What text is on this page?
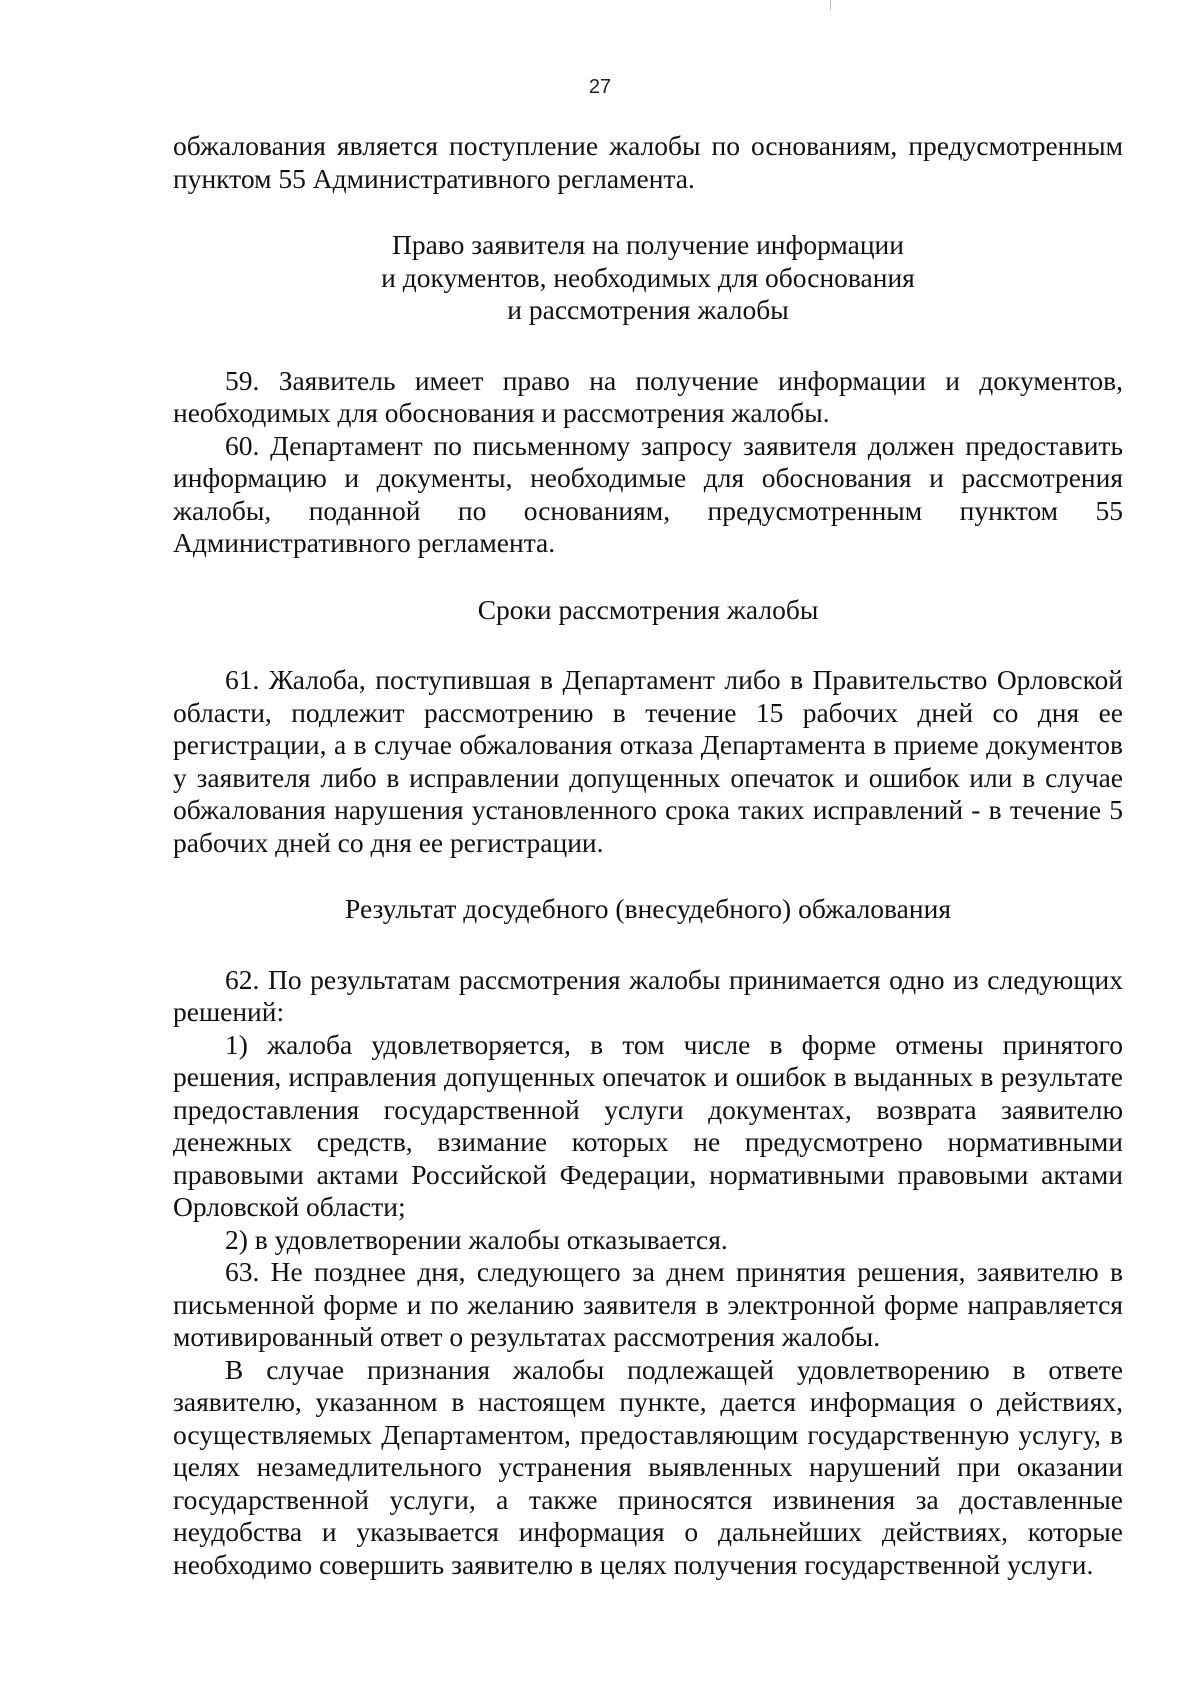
27

обжалования является поступление жалобы по основаниям, предусмотренным пунктом 55 Административного регламента.

Право заявителя на получение информации
и документов, необходимых для обоснования
и рассмотрения жалобы

59. Заявитель имеет право на получение информации и документов, необходимых для обоснования и рассмотрения жалобы.

60. Департамент по письменному запросу заявителя должен предоставить информацию и документы, необходимые для обоснования и рассмотрения жалобы, поданной по основаниям, предусмотренным пунктом 55 Административного регламента.

Сроки рассмотрения жалобы

61. Жалоба, поступившая в Департамент либо в Правительство Орловской области, подлежит рассмотрению в течение 15 рабочих дней со дня ее регистрации, а в случае обжалования отказа Департамента в приеме документов у заявителя либо в исправлении допущенных опечаток и ошибок или в случае обжалования нарушения установленного срока таких исправлений - в течение 5 рабочих дней со дня ее регистрации.

Результат досудебного (внесудебного) обжалования

62. По результатам рассмотрения жалобы принимается одно из следующих решений:

1) жалоба удовлетворяется, в том числе в форме отмены принятого решения, исправления допущенных опечаток и ошибок в выданных в результате предоставления государственной услуги документах, возврата заявителю денежных средств, взимание которых не предусмотрено нормативными правовыми актами Российской Федерации, нормативными правовыми актами Орловской области;

2) в удовлетворении жалобы отказывается.

63. Не позднее дня, следующего за днем принятия решения, заявителю в письменной форме и по желанию заявителя в электронной форме направляется мотивированный ответ о результатах рассмотрения жалобы.

В случае признания жалобы подлежащей удовлетворению в ответе заявителю, указанном в настоящем пункте, дается информация о действиях, осуществляемых Департаментом, предоставляющим государственную услугу, в целях незамедлительного устранения выявленных нарушений при оказании государственной услуги, а также приносятся извинения за доставленные неудобства и указывается информация о дальнейших действиях, которые необходимо совершить заявителю в целях получения государственной услуги.
